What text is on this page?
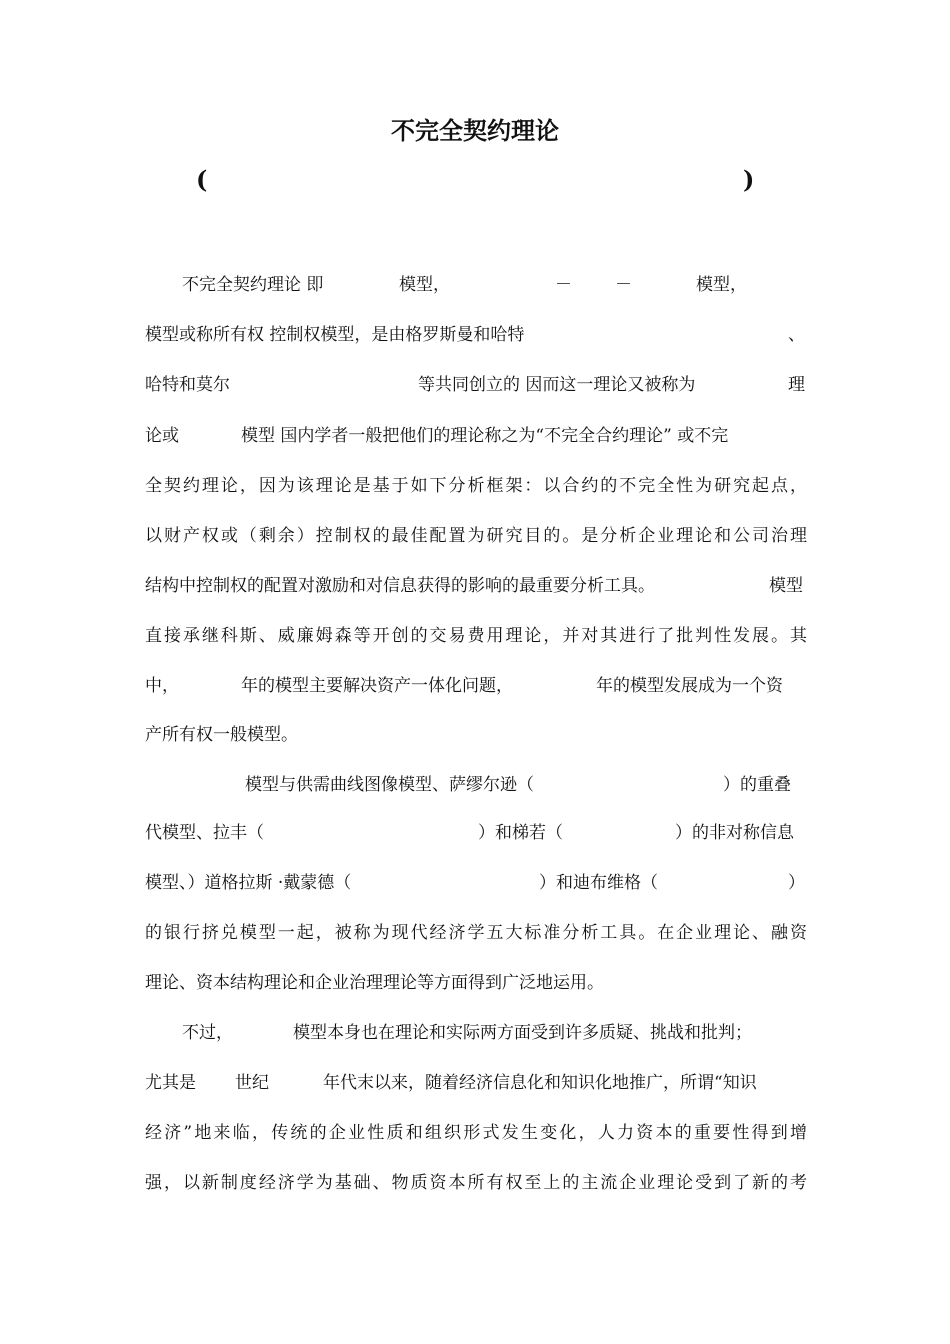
不完全契约理论
(	)

不完全契约理论 即

	模型，

	－

	－

	模型，

模型或称所有权 控制权模型，是由格罗斯曼和哈特

	、

哈特和莫尔

	等共同创立的 因而这一理论又被称为

	理

论或

	模型 国内学者一般把他们的理论称之为“不完全合约理论” 或不完

全契约理论，因为该理论是基于如下分析框架：以合约的不完全性为研究起点，
以财产权或（剩余）控制权的最佳配置为研究目的。是分析企业理论和公司治理

结构中控制权的配置对激励和对信息获得的影响的最重要分析工具。

	模型

直接承继科斯、威廉姆森等开创的交易费用理论，并对其进行了批判性发展。其

中，

	年的模型主要解决资产一体化问题，

	年的模型发展成为一个资

产所有权一般模型。

模型与供需曲线图像模型、萨缪尔逊（

	）的重叠

代模型、拉丰（

	）和梯若（

	）的非对称信息

模型、）道格拉斯 ·戴蒙德（

	）和迪布维格（

	）

的银行挤兑模型一起，被称为现代经济学五大标准分析工具。在企业理论、融资
理论、资本结构理论和企业治理理论等方面得到广泛地运用。

不过，

	模型本身也在理论和实际两方面受到许多质疑、挑战和批判；

尤其是

世纪

	年代末以来，随着经济信息化和知识化地推广，所谓“知识

经济”地来临，传统的企业性质和组织形式发生变化，人力资本的重要性得到增
强，以新制度经济学为基础、物质资本所有权至上的主流企业理论受到了新的考
